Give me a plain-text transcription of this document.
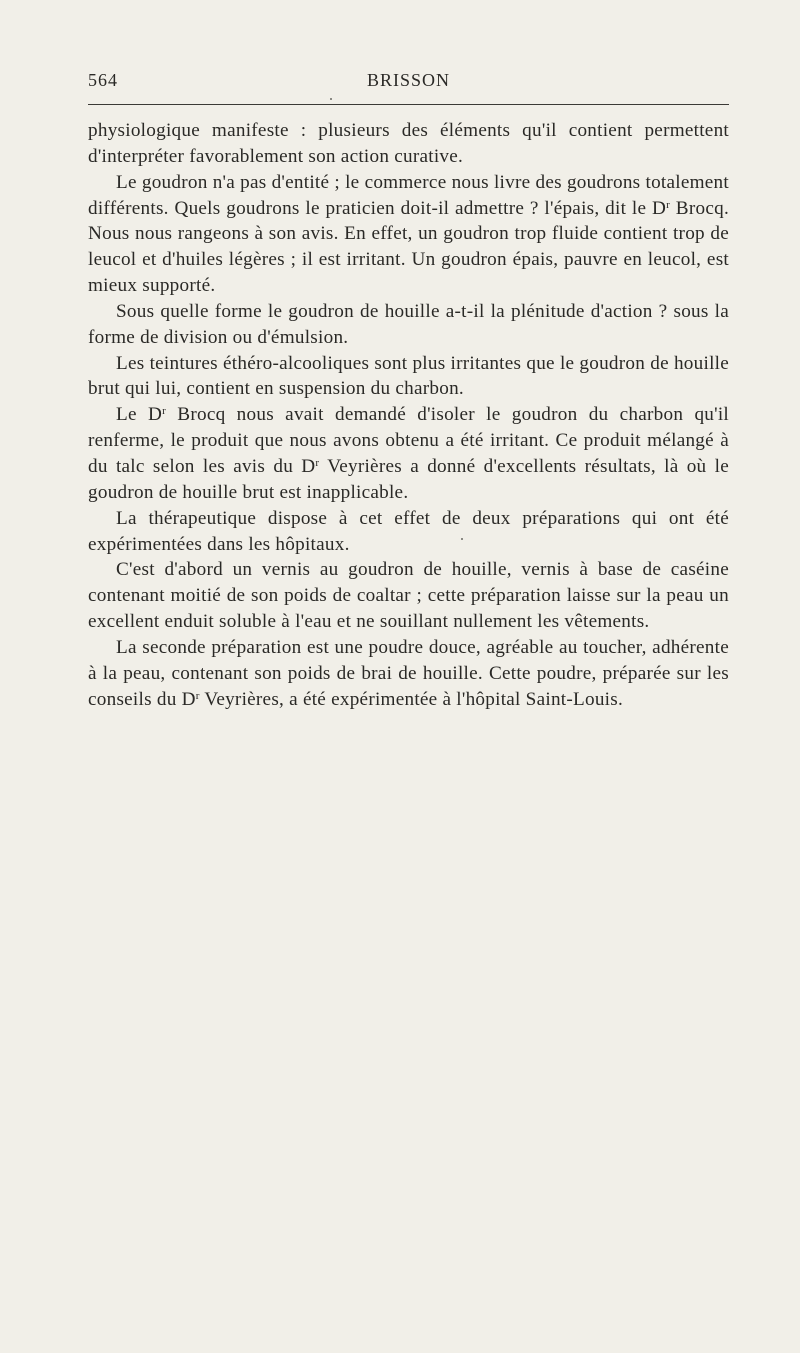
564	BRISSON

physiologique manifeste : plusieurs des éléments qu'il contient permettent d'interpréter favorablement son action curative.

Le goudron n'a pas d'entité ; le commerce nous livre des goudrons totalement différents. Quels goudrons le praticien doit-il admettre ? l'épais, dit le $D^r$ Brocq. Nous nous rangeons à son avis. En effet, un goudron trop fluide contient trop de leucol et d'huiles légères ; il est irritant. Un goudron épais, pauvre en leucol, est mieux supporté.

Sous quelle forme le goudron de houille a-t-il la plénitude d'action ? sous la forme de division ou d'émulsion.

Les teintures éthéro-alcooliques sont plus irritantes que le goudron de houille brut qui lui, contient en suspension du charbon.

Le $D^r$ Brocq nous avait demandé d'isoler le goudron du charbon qu'il renferme, le produit que nous avons obtenu a été irritant. Ce produit mélangé à du talc selon les avis du $D^r$ Veyrières a donné d'excellents résultats, là où le goudron de houille brut est inapplicable.

La thérapeutique dispose à cet effet de deux préparations qui ont été expérimentées dans les hôpitaux.

C'est d'abord un vernis au goudron de houille, vernis à base de caséine contenant moitié de son poids de coaltar ; cette préparation laisse sur la peau un excellent enduit soluble à l'eau et ne souillant nullement les vêtements.

La seconde préparation est une poudre douce, agréable au toucher, adhérente à la peau, contenant son poids de brai de houille. Cette poudre, préparée sur les conseils du $D^r$ Veyrières, a été expérimentée à l'hôpital Saint-Louis.
